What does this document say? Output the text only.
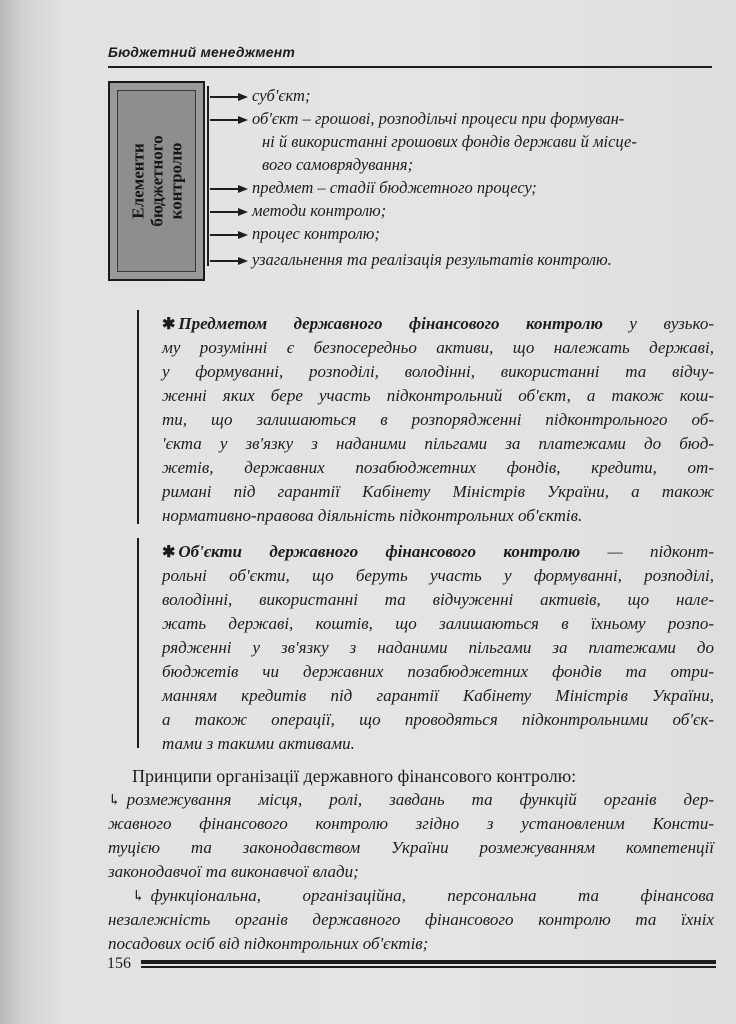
Бюджетний менеджмент
Елементи
бюджетного
контролю
суб'єкт;
об'єкт – грошові, розподільчі процеси при формуван-
ні й використанні грошових фондів держави й місце-
вого самоврядування;
предмет – стадії бюджетного процесу;
методи контролю;
процес контролю;
узагальнення та реалізація результатів контролю.
✱ Предметом державного фінансового контролю у вузько-
му розумінні є безпосередньо активи, що належать державі,
у формуванні, розподілі, володінні, використанні та відчу-
женні яких бере участь підконтрольний об'єкт, а також кош-
ти, що залишаються в розпорядженні підконтрольного об-
'єкта у зв'язку з наданими пільгами за платежами до бюд-
жетів, державних позабюджетних фондів, кредити, от-
римані під гарантії Кабінету Міністрів України, а також
нормативно-правова діяльність підконтрольних об'єктів.
✱ Об'єкти державного фінансового контролю — підконт-
рольні об'єкти, що беруть участь у формуванні, розподілі,
володінні, використанні та відчуженні активів, що нале-
жать державі, коштів, що залишаються в їхньому розпо-
рядженні у зв'язку з наданими пільгами за платежами до
бюджетів чи державних позабюджетних фондів та отри-
манням кредитів під гарантії Кабінету Міністрів України,
а також операції, що проводяться підконтрольними об'єк-
тами з такими активами.
Принципи організації державного фінансового контролю:
↳ розмежування місця, ролі, завдань та функцій органів дер-
жавного фінансового контролю згідно з установленим Консти-
туцією та законодавством України розмежуванням компетенції
законодавчої та виконавчої влади;
↳ функціональна, організаційна, персональна та фінансова
незалежність органів державного фінансового контролю та їхніх
посадових осіб від підконтрольних об'єктів;
156
